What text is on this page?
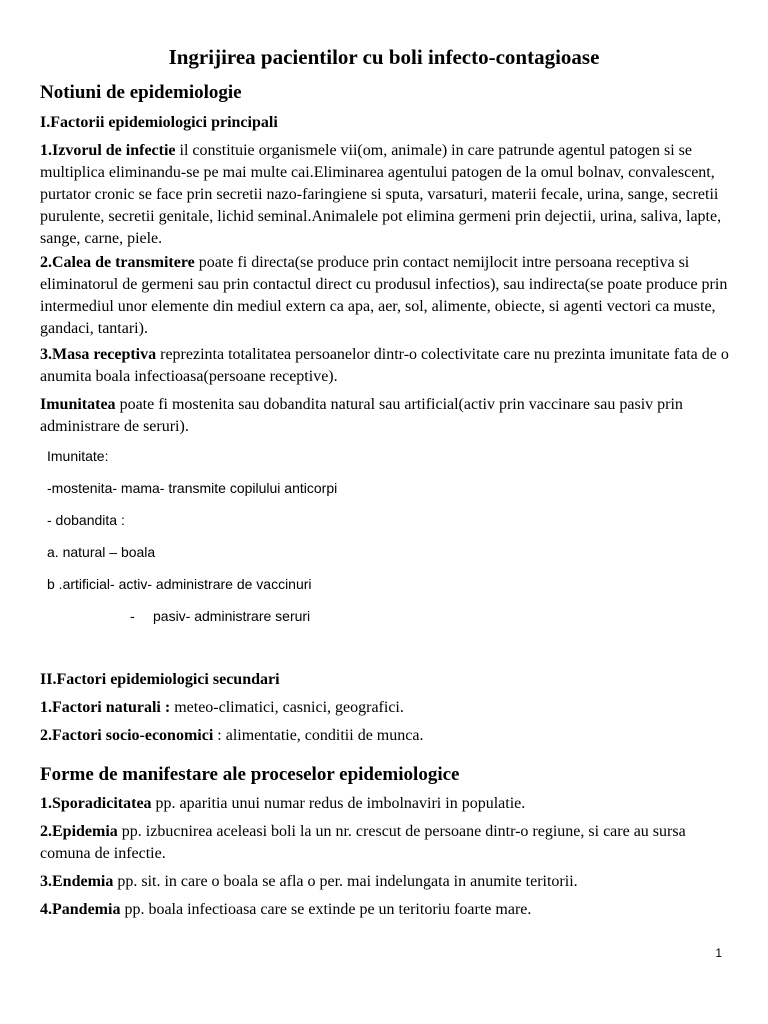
Ingrijirea pacientilor cu boli infecto-contagioase
Notiuni de epidemiologie
I.Factorii epidemiologici principali
1.Izvorul de infectie il constituie organismele vii(om, animale) in care patrunde agentul patogen si se multiplica eliminandu-se pe mai multe cai.Eliminarea agentului patogen de la omul bolnav, convalescent, purtator cronic se face prin secretii nazo-faringiene si sputa, varsaturi, materii fecale, urina, sange, secretii purulente, secretii genitale, lichid seminal.Animalele pot elimina germeni prin dejectii, urina, saliva, lapte, sange, carne, piele.
2.Calea de transmitere poate fi directa(se produce prin contact nemijlocit intre persoana receptiva si eliminatorul de germeni sau prin contactul direct cu produsul infectios), sau indirecta(se poate produce prin intermediul unor elemente din mediul extern ca apa, aer, sol, alimente, obiecte, si agenti vectori ca muste, gandaci, tantari).
3.Masa receptiva reprezinta totalitatea persoanelor dintr-o colectivitate care nu prezinta imunitate fata de o anumita boala infectioasa(persoane receptive).
Imunitatea poate fi mostenita sau dobandita natural sau artificial(activ prin vaccinare sau pasiv prin administrare de seruri).
Imunitate:
-mostenita- mama- transmite copilului anticorpi
- dobandita :
a. natural – boala
b .artificial- activ- administrare de vaccinuri
- pasiv- administrare seruri
II.Factori epidemiologici secundari
1.Factori naturali : meteo-climatici, casnici, geografici.
2.Factori socio-economici : alimentatie, conditii de munca.
Forme de manifestare ale proceselor epidemiologice
1.Sporadicitatea pp. aparitia unui numar redus de imbolnaviri in populatie.
2.Epidemia pp. izbucnirea aceleasi boli la un nr. crescut de persoane dintr-o regiune, si care au sursa comuna de infectie.
3.Endemia pp. sit. in care o boala se afla o per. mai indelungata in anumite teritorii.
4.Pandemia pp. boala infectioasa care se extinde pe un teritoriu foarte mare.
1
